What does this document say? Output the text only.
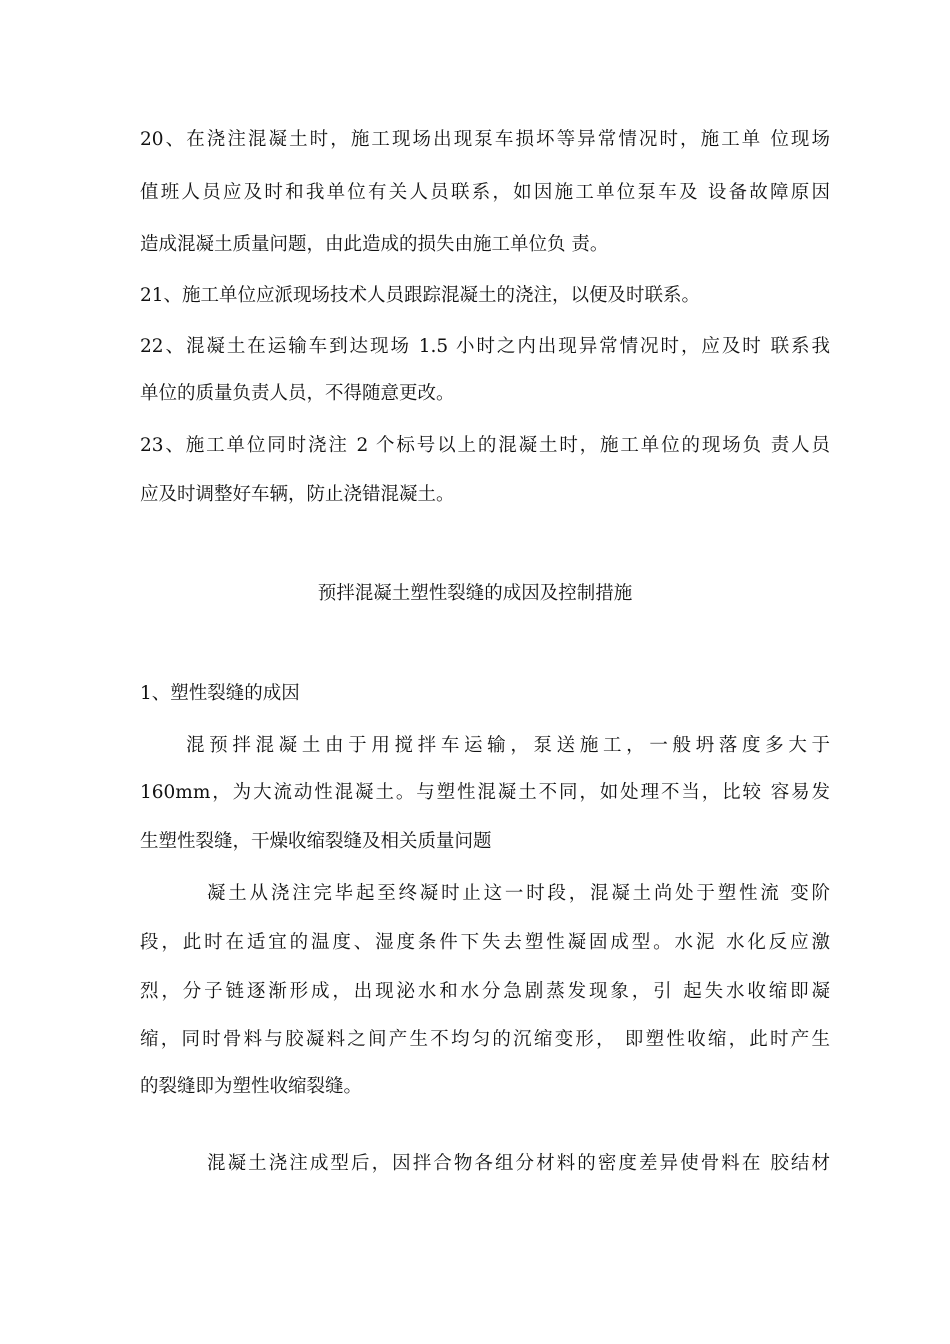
20、在浇注混凝土时，施工现场出现泵车损坏等异常情况时，施工单 位现场
值班人员应及时和我单位有关人员联系，如因施工单位泵车及 设备故障原因
造成混凝土质量问题，由此造成的损失由施工单位负 责。
21、施工单位应派现场技术人员跟踪混凝土的浇注，以便及时联系。
22、混凝土在运输车到达现场 1.5 小时之内出现异常情况时，应及时 联系我
单位的质量负责人员，不得随意更改。
23、施工单位同时浇注 2 个标号以上的混凝土时，施工单位的现场负 责人员
应及时调整好车辆，防止浇错混凝土。
预拌混凝土塑性裂缝的成因及控制措施
1、塑性裂缝的成因
混预拌混凝土由于用搅拌车运输，泵送施工，一般坍落度多大于
160mm，为大流动性混凝土。与塑性混凝土不同，如处理不当，比较 容易发
生塑性裂缝，干燥收缩裂缝及相关质量问题
凝土从浇注完毕起至终凝时止这一时段，混凝土尚处于塑性流 变阶
段，此时在适宜的温度、湿度条件下失去塑性凝固成型。水泥 水化反应激
烈，分子链逐渐形成，出现泌水和水分急剧蒸发现象，引 起失水收缩即凝
缩，同时骨料与胶凝料之间产生不均匀的沉缩变形， 即塑性收缩，此时产生
的裂缝即为塑性收缩裂缝。
混凝土浇注成型后，因拌合物各组分材料的密度差异使骨料在 胶结材
